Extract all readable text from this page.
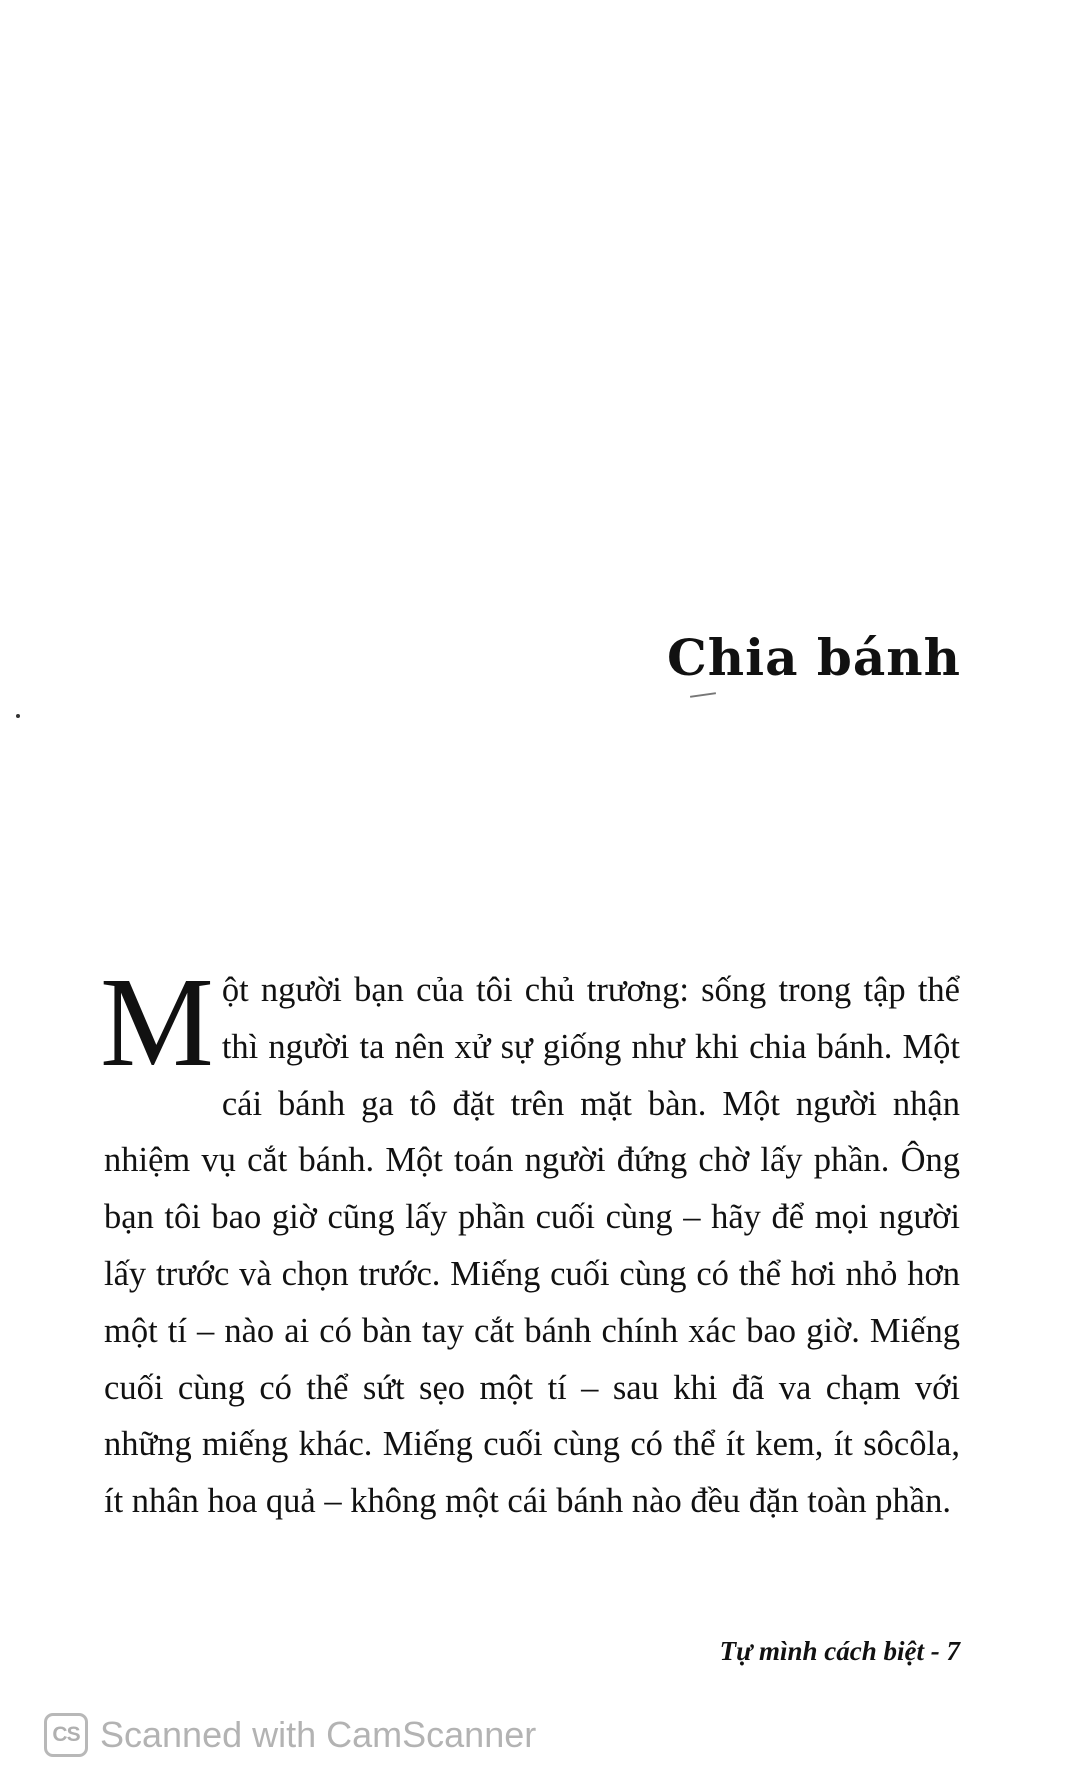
Chia bánh

Một người bạn của tôi chủ trương: sống trong tập thể thì người ta nên xử sự giống như khi chia bánh. Một cái bánh ga tô đặt trên mặt bàn. Một người nhận nhiệm vụ cắt bánh. Một toán người đứng chờ lấy phần. Ông bạn tôi bao giờ cũng lấy phần cuối cùng – hãy để mọi người lấy trước và chọn trước. Miếng cuối cùng có thể hơi nhỏ hơn một tí – nào ai có bàn tay cắt bánh chính xác bao giờ. Miếng cuối cùng có thể sứt sẹo một tí – sau khi đã va chạm với những miếng khác. Miếng cuối cùng có thể ít kem, ít sôcôla, ít nhân hoa quả – không một cái bánh nào đều đặn toàn phần.

Tự mình cách biệt - 7
CS Scanned with CamScanner
